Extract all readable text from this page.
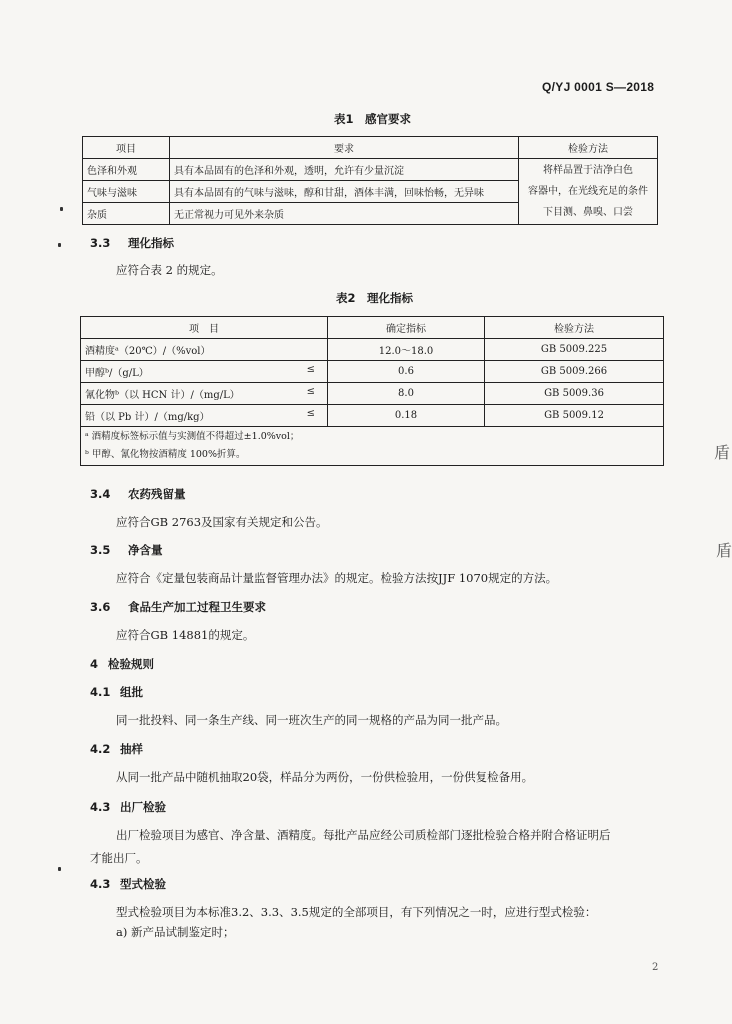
Q/YJ 0001 S—2018
表1　感官要求
项目	要求	检验方法
色泽和外观	具有本品固有的色泽和外观，透明，允许有少量沉淀	将样品置于洁净白色
容器中，在光线充足的条件
下目测、鼻嗅、口尝

气味与滋味	具有本品固有的气味与滋味，醇和甘甜，酒体丰满，回味怡畅，无异味	
杂质	无正常视力可见外来杂质	
3.3 理化指标
应符合表 2 的规定。
表2　理化指标
项　目	确定指标	检验方法
酒精度ᵃ（20℃）/（%vol）	12.0～18.0	GB 5009.225
甲醇ᵇ/（g/L） ≤	0.6	GB 5009.266
氰化物ᵇ（以 HCN 计）/（mg/L） ≤	8.0	GB 5009.36
铅（以 Pb 计）/（mg/kg） ≤	0.18	GB 5009.12

ᵃ 酒精度标签标示值与实测值不得超过±1.0%vol；
ᵇ 甲醇、氰化物按酒精度 100%折算。		
3.4 农药残留量
应符合GB 2763及国家有关规定和公告。
3.5 净含量
应符合《定量包装商品计量监督管理办法》的规定。检验方法按JJF 1070规定的方法。
3.6 食品生产加工过程卫生要求
应符合GB 14881的规定。
4 检验规则
4.1 组批
同一批投料、同一条生产线、同一班次生产的同一规格的产品为同一批产品。
4.2 抽样
从同一批产品中随机抽取20袋，样品分为两份，一份供检验用，一份供复检备用。
4.3 出厂检验
出厂检验项目为感官、净含量、酒精度。每批产品应经公司质检部门逐批检验合格并附合格证明后
才能出厂。
4.3 型式检验
型式检验项目为本标准3.2、3.3、3.5规定的全部项目，有下列情况之一时，应进行型式检验：
a) 新产品试制鉴定时；
2
盾
盾
